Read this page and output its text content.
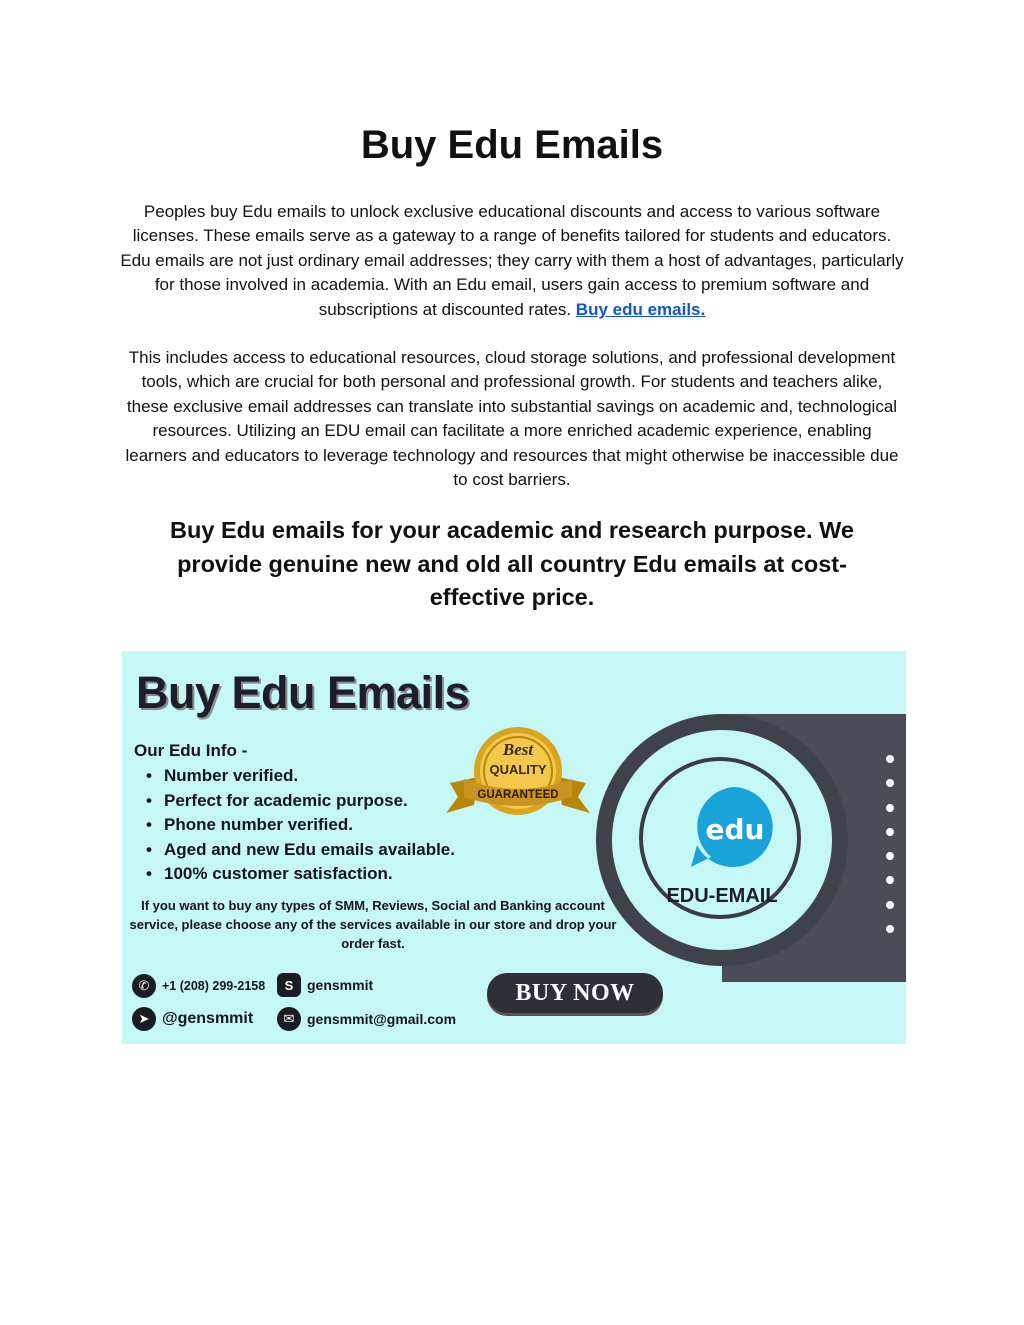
Buy Edu Emails

Peoples buy Edu emails to unlock exclusive educational discounts and access to various software licenses. These emails serve as a gateway to a range of benefits tailored for students and educators. Edu emails are not just ordinary email addresses; they carry with them a host of advantages, particularly for those involved in academia. With an Edu email, users gain access to premium software and subscriptions at discounted rates. Buy edu emails.

This includes access to educational resources, cloud storage solutions, and professional development tools, which are crucial for both personal and professional growth. For students and teachers alike, these exclusive email addresses can translate into substantial savings on academic and, technological resources. Utilizing an EDU email can facilitate a more enriched academic experience, enabling learners and educators to leverage technology and resources that might otherwise be inaccessible due to cost barriers.

Buy Edu emails for your academic and research purpose. We provide genuine new and old all country Edu emails at cost-effective price.
Buy Edu Emails
Our Edu Info -
• Number verified.
• Perfect for academic purpose.
• Phone number verified.
• Aged and new Edu emails available.
• 100% customer satisfaction.

If you want to buy any types of SMM, Reviews, Social and Banking account service, please choose any of the services available in our store and drop your order fast.

✆	+1 (208) 299-2158	S gensmmit
➤ @gensmmit	✉ gensmmit@gmail.com
BUY NOW
Best
QUALITY
GUARANTEED
edu
EDU-EMAIL
